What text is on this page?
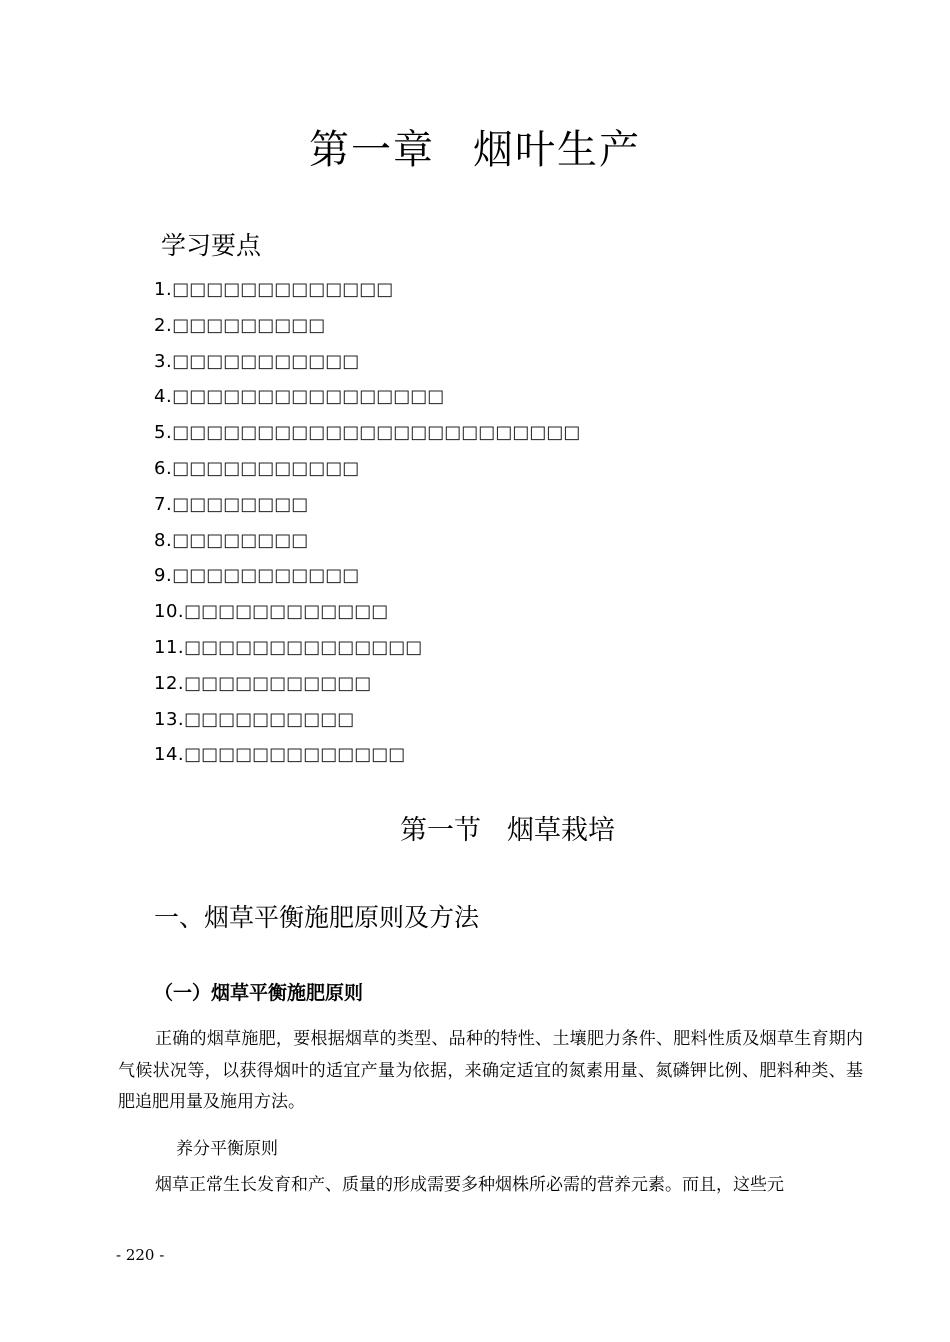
第一章 烟叶生产
学习要点
1.□□□□□□□□□□□□□
2.□□□□□□□□□
3.□□□□□□□□□□□
4.□□□□□□□□□□□□□□□□
5.□□□□□□□□□□□□□□□□□□□□□□□□
6.□□□□□□□□□□□
7.□□□□□□□□
8.□□□□□□□□
9.□□□□□□□□□□□
10.□□□□□□□□□□□□
11.□□□□□□□□□□□□□□
12.□□□□□□□□□□□
13.□□□□□□□□□□
14.□□□□□□□□□□□□□
第一节 烟草栽培
一、烟草平衡施肥原则及方法
（一）烟草平衡施肥原则

正确的烟草施肥，要根据烟草的类型、品种的特性、土壤肥力条件、肥料性质及烟草生育期内气候状况等，以获得烟叶的适宜产量为依据，来确定适宜的氮素用量、氮磷钾比例、肥料种类、基肥追肥用量及施用方法。

养分平衡原则

烟草正常生长发育和产、质量的形成需要多种烟株所必需的营养元素。而且，这些元

- 220 -
